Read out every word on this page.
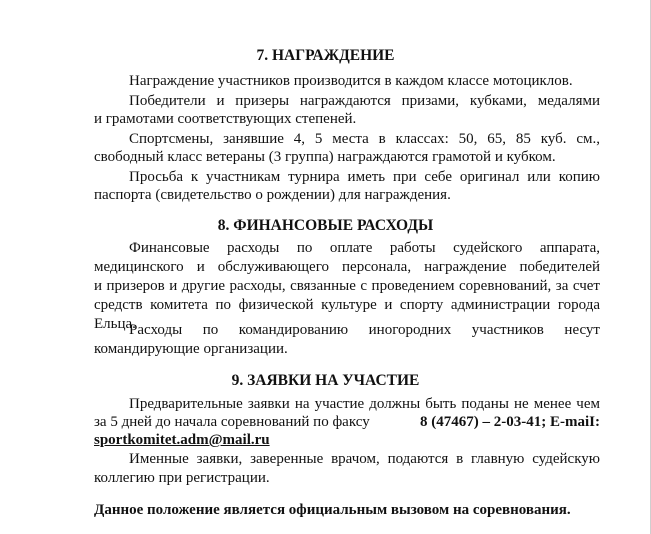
7. НАГРАЖДЕНИЕ
Награждение участников производится в каждом классе мотоциклов.
Победители и призеры награждаются призами, кубками, медалями
и грамотами соответствующих степеней.
Спортсмены, занявшие 4, 5 места в классах: 50, 65, 85 куб. см.,
свободный класс ветераны (3 группа) награждаются грамотой и кубком.
Просьба к участникам турнира иметь при себе оригинал или копию
паспорта (свидетельство о рождении) для награждения.
8. ФИНАНСОВЫЕ РАСХОДЫ
Финансовые расходы по оплате работы судейского аппарата,
медицинского и обслуживающего персонала, награждение победителей
и призеров и другие расходы, связанные с проведением соревнований, за счет
средств комитета по физической культуре и спорту администрации города
Ельца.
Расходы по командированию иногородних участников несут
командирующие организации.
9. ЗАЯВКИ НА УЧАСТИЕ
Предварительные заявки на участие должны быть поданы не менее чем
за 5 дней до начала соревнований по факсу	8 (47467) – 2-03-41; E-maiI:
sportkomitet.adm@mail.ru
Именные заявки, заверенные врачом, подаются в главную судейскую
коллегию при регистрации.
Данное положение является официальным вызовом на соревнования.
